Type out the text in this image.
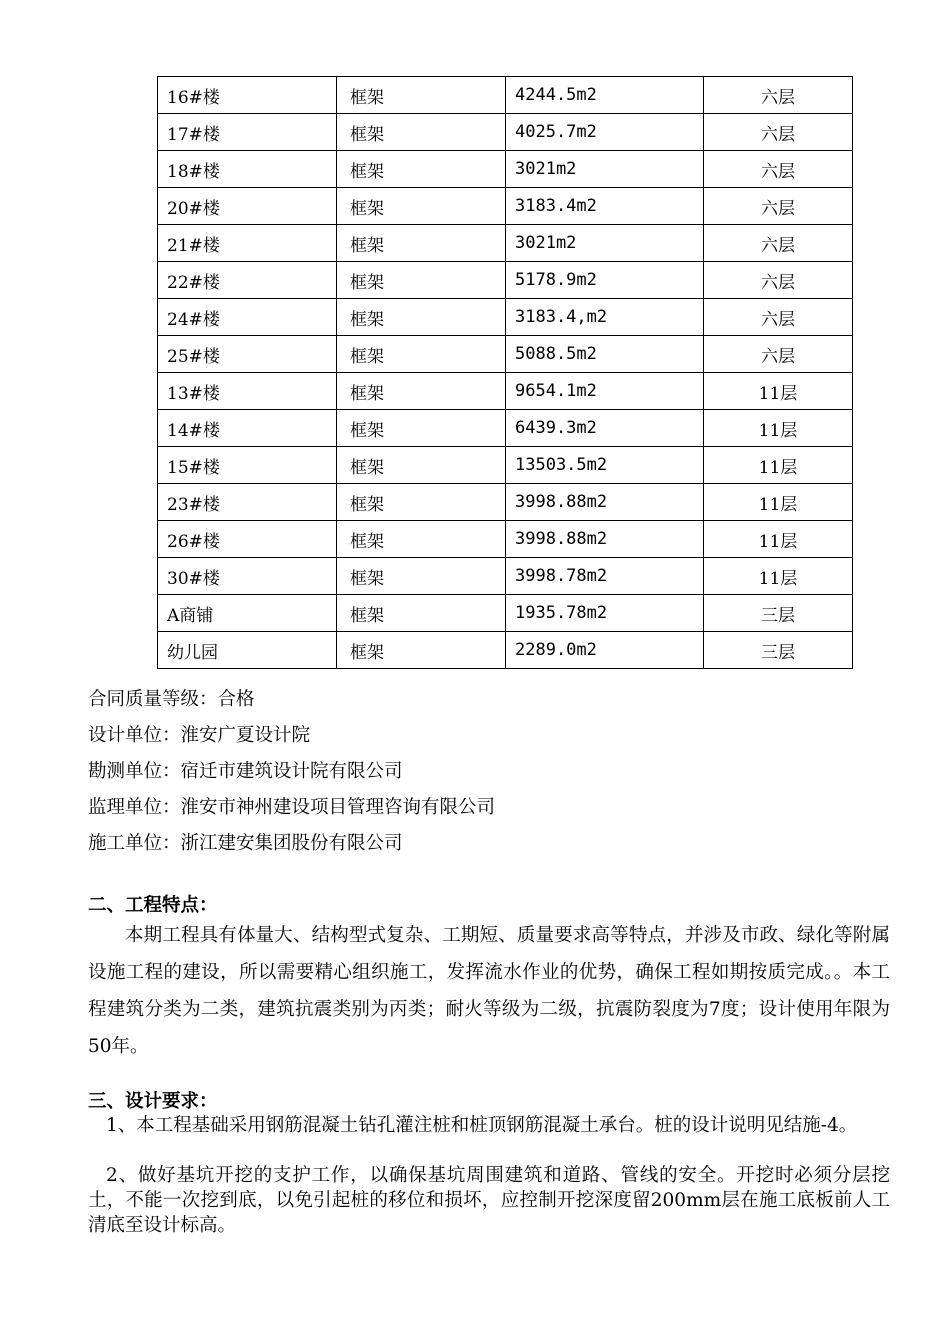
16#楼	框架	4244.5m2	六层
17#楼	框架	4025.7m2	六层
18#楼	框架	3021m2	六层
20#楼	框架	3183.4m2	六层
21#楼	框架	3021m2	六层
22#楼	框架	5178.9m2	六层
24#楼	框架	3183.4,m2	六层
25#楼	框架	5088.5m2	六层
13#楼	框架	9654.1m2	11层
14#楼	框架	6439.3m2	11层
15#楼	框架	13503.5m2	11层
23#楼	框架	3998.88m2	11层
26#楼	框架	3998.88m2	11层
30#楼	框架	3998.78m2	11层
A商铺	框架	1935.78m2	三层
幼儿园	框架	2289.0m2	三层
合同质量等级：合格
设计单位：淮安广夏设计院
勘测单位：宿迁市建筑设计院有限公司
监理单位：淮安市神州建设项目管理咨询有限公司
施工单位：浙江建安集团股份有限公司
二、工程特点：

本期工程具有体量大、结构型式复杂、工期短、质量要求高等特点，并涉及市政、绿化等附属设施工程的建设，所以需要精心组织施工，发挥流水作业的优势，确保工程如期按质完成。。本工程建筑分类为二类，建筑抗震类别为丙类；耐火等级为二级，抗震防裂度为7度；设计使用年限为50年。

三、设计要求：

1、本工程基础采用钢筋混凝土钻孔灌注桩和桩顶钢筋混凝土承台。桩的设计说明见结施-4。

2、做好基坑开挖的支护工作，以确保基坑周围建筑和道路、管线的安全。开挖时必须分层挖土，不能一次挖到底，以免引起桩的移位和损坏，应控制开挖深度留200mm层在施工底板前人工清底至设计标高。
